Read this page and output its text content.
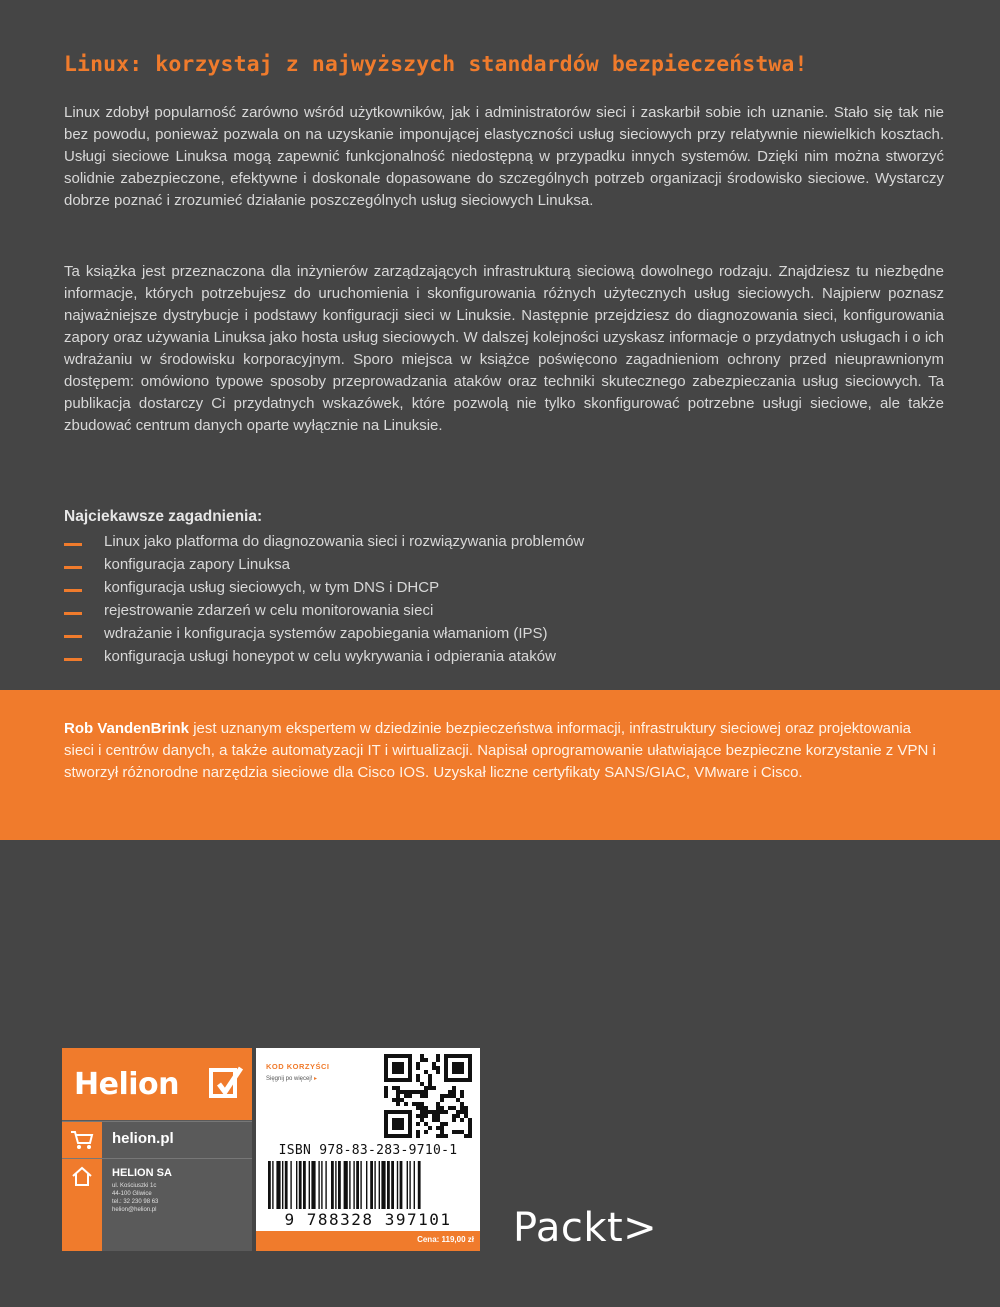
Linux: korzystaj z najwyższych standardów bezpieczeństwa!

Linux zdobył popularność zarówno wśród użytkowników, jak i administratorów sieci i zaskarbił sobie ich uznanie. Stało się tak nie bez powodu, ponieważ pozwala on na uzyskanie imponującej elastyczności usług sieciowych przy relatywnie niewielkich kosztach. Usługi sieciowe Linuksa mogą zapewnić funkcjonalność niedostępną w przypadku innych systemów. Dzięki nim można stworzyć solidnie zabezpieczone, efektywne i doskonale dopasowane do szczególnych potrzeb organizacji środowisko sieciowe. Wystarczy dobrze poznać i zrozumieć działanie poszczególnych usług sieciowych Linuksa.

Ta książka jest przeznaczona dla inżynierów zarządzających infrastrukturą sieciową dowolnego rodzaju. Znajdziesz tu niezbędne informacje, których potrzebujesz do uruchomienia i skonfigurowania różnych użytecznych usług sieciowych. Najpierw poznasz najważniejsze dystrybucje i podstawy konfiguracji sieci w Linuksie. Następnie przejdziesz do diagnozowania sieci, konfigurowania zapory oraz używania Linuksa jako hosta usług sieciowych. W dalszej kolejności uzyskasz informacje o przydatnych usługach i o ich wdrażaniu w środowisku korporacyjnym. Sporo miejsca w książce poświęcono zagadnieniom ochrony przed nieuprawnionym dostępem: omówiono typowe sposoby przeprowadzania ataków oraz techniki skutecznego zabezpieczania usług sieciowych. Ta publikacja dostarczy Ci przydatnych wskazówek, które pozwolą nie tylko skonfigurować potrzebne usługi sieciowe, ale także zbudować centrum danych oparte wyłącznie na Linuksie.

Najciekawsze zagadnienia:
Linux jako platforma do diagnozowania sieci i rozwiązywania problemów
konfiguracja zapory Linuksa
konfiguracja usług sieciowych, w tym DNS i DHCP
rejestrowanie zdarzeń w celu monitorowania sieci
wdrażanie i konfiguracja systemów zapobiegania włamaniom (IPS)
konfiguracja usługi honeypot w celu wykrywania i odpierania ataków

Rob VandenBrink jest uznanym ekspertem w dziedzinie bezpieczeństwa informacji, infrastruktury sieciowej oraz projektowania sieci i centrów danych, a także automatyzacji IT i wirtualizacji. Napisał oprogramowanie ułatwiające bezpieczne korzystanie z VPN i stworzył różnorodne narzędzia sieciowe dla Cisco IOS. Uzyskał liczne certyfikaty SANS/GIAC, VMware i Cisco.

Helion
helion.pl
HELION SA
ul. Kościuszki 1c
44-100 Gliwice
tel.: 32 230 98 63
helion@helion.pl
KOD KORZYŚCI
Sięgnij po więcej! ▸
ISBN 978-83-283-9710-1
9 788328 397101
Cena: 119,00 zł Packt>
